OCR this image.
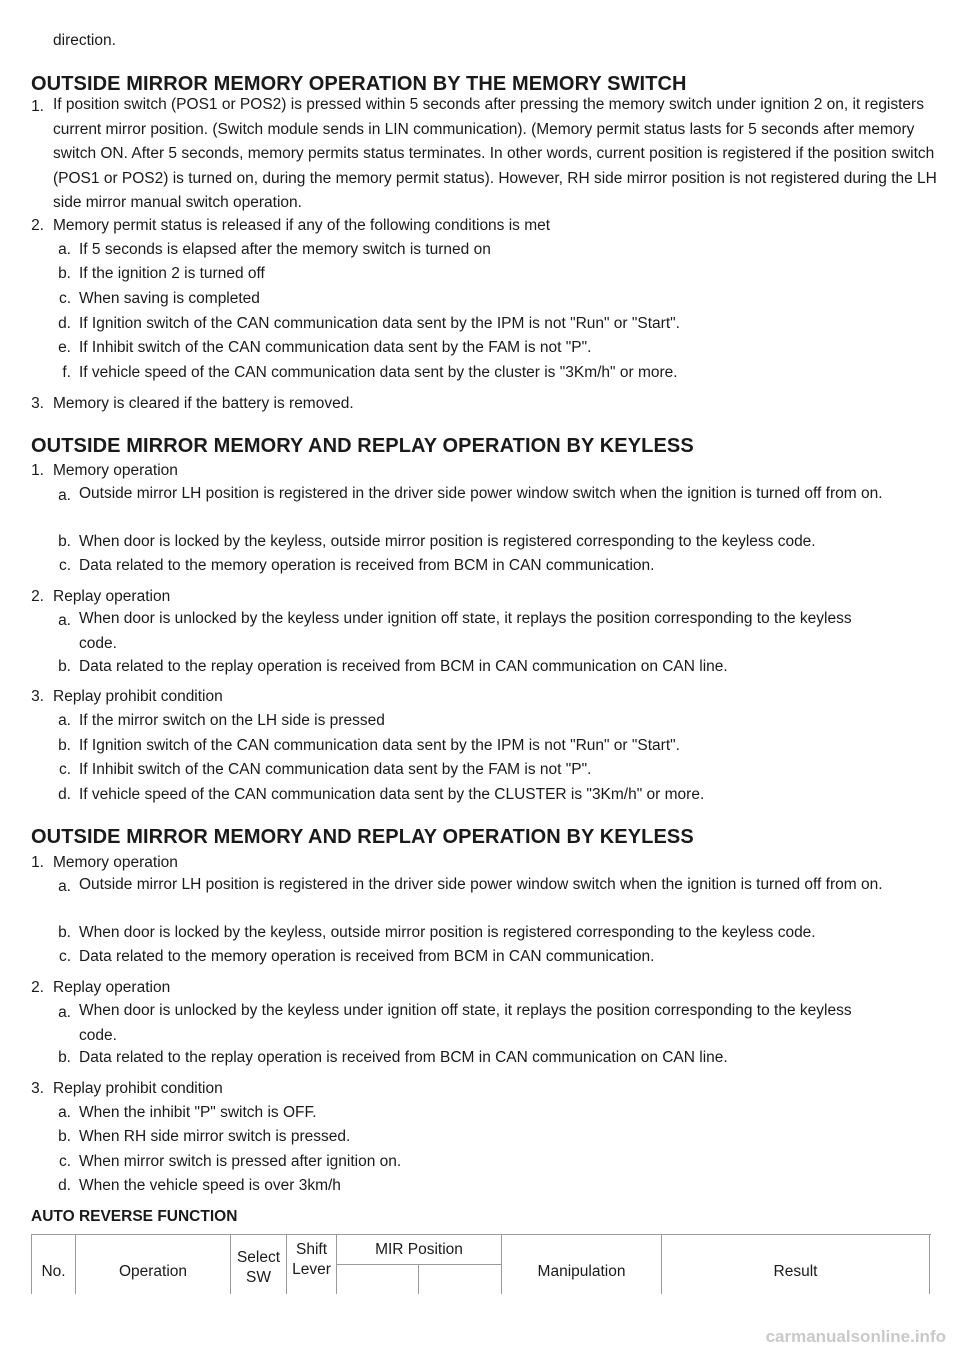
direction.
OUTSIDE MIRROR MEMORY OPERATION BY THE MEMORY SWITCH
1. If position switch (POS1 or POS2) is pressed within 5 seconds after pressing the memory switch under ignition 2 on, it registers current mirror position. (Switch module sends in LIN communication). (Memory permit status lasts for 5 seconds after memory switch ON. After 5 seconds, memory permits status terminates. In other words, current position is registered if the position switch (POS1 or POS2) is turned on, during the memory permit status). However, RH side mirror position is not registered during the LH side mirror manual switch operation.
2. Memory permit status is released if any of the following conditions is met
a. If 5 seconds is elapsed after the memory switch is turned on
b. If the ignition 2 is turned off
c. When saving is completed
d. If Ignition switch of the CAN communication data sent by the IPM is not "Run" or "Start".
e. If Inhibit switch of the CAN communication data sent by the FAM is not "P".
f. If vehicle speed of the CAN communication data sent by the cluster is "3Km/h" or more.
3. Memory is cleared if the battery is removed.
OUTSIDE MIRROR MEMORY AND REPLAY OPERATION BY KEYLESS
1. Memory operation
a. Outside mirror LH position is registered in the driver side power window switch when the ignition is turned off from on.
b. When door is locked by the keyless, outside mirror position is registered corresponding to the keyless code.
c. Data related to the memory operation is received from BCM in CAN communication.
2. Replay operation
a. When door is unlocked by the keyless under ignition off state, it replays the position corresponding to the keyless code.
b. Data related to the replay operation is received from BCM in CAN communication on CAN line.
3. Replay prohibit condition
a. If the mirror switch on the LH side is pressed
b. If Ignition switch of the CAN communication data sent by the IPM is not "Run" or "Start".
c. If Inhibit switch of the CAN communication data sent by the FAM is not "P".
d. If vehicle speed of the CAN communication data sent by the CLUSTER is "3Km/h" or more.
OUTSIDE MIRROR MEMORY AND REPLAY OPERATION BY KEYLESS
1. Memory operation
a. Outside mirror LH position is registered in the driver side power window switch when the ignition is turned off from on.
b. When door is locked by the keyless, outside mirror position is registered corresponding to the keyless code.
c. Data related to the memory operation is received from BCM in CAN communication.
2. Replay operation
a. When door is unlocked by the keyless under ignition off state, it replays the position corresponding to the keyless code.
b. Data related to the replay operation is received from BCM in CAN communication on CAN line.
3. Replay prohibit condition
a. When the inhibit "P" switch is OFF.
b. When RH side mirror switch is pressed.
c. When mirror switch is pressed after ignition on.
d. When the vehicle speed is over 3km/h
AUTO REVERSE FUNCTION
No.	Operation
Select SW
Shift Lever
MIR Position
Manipulation	Result
carmanualsonline.info
